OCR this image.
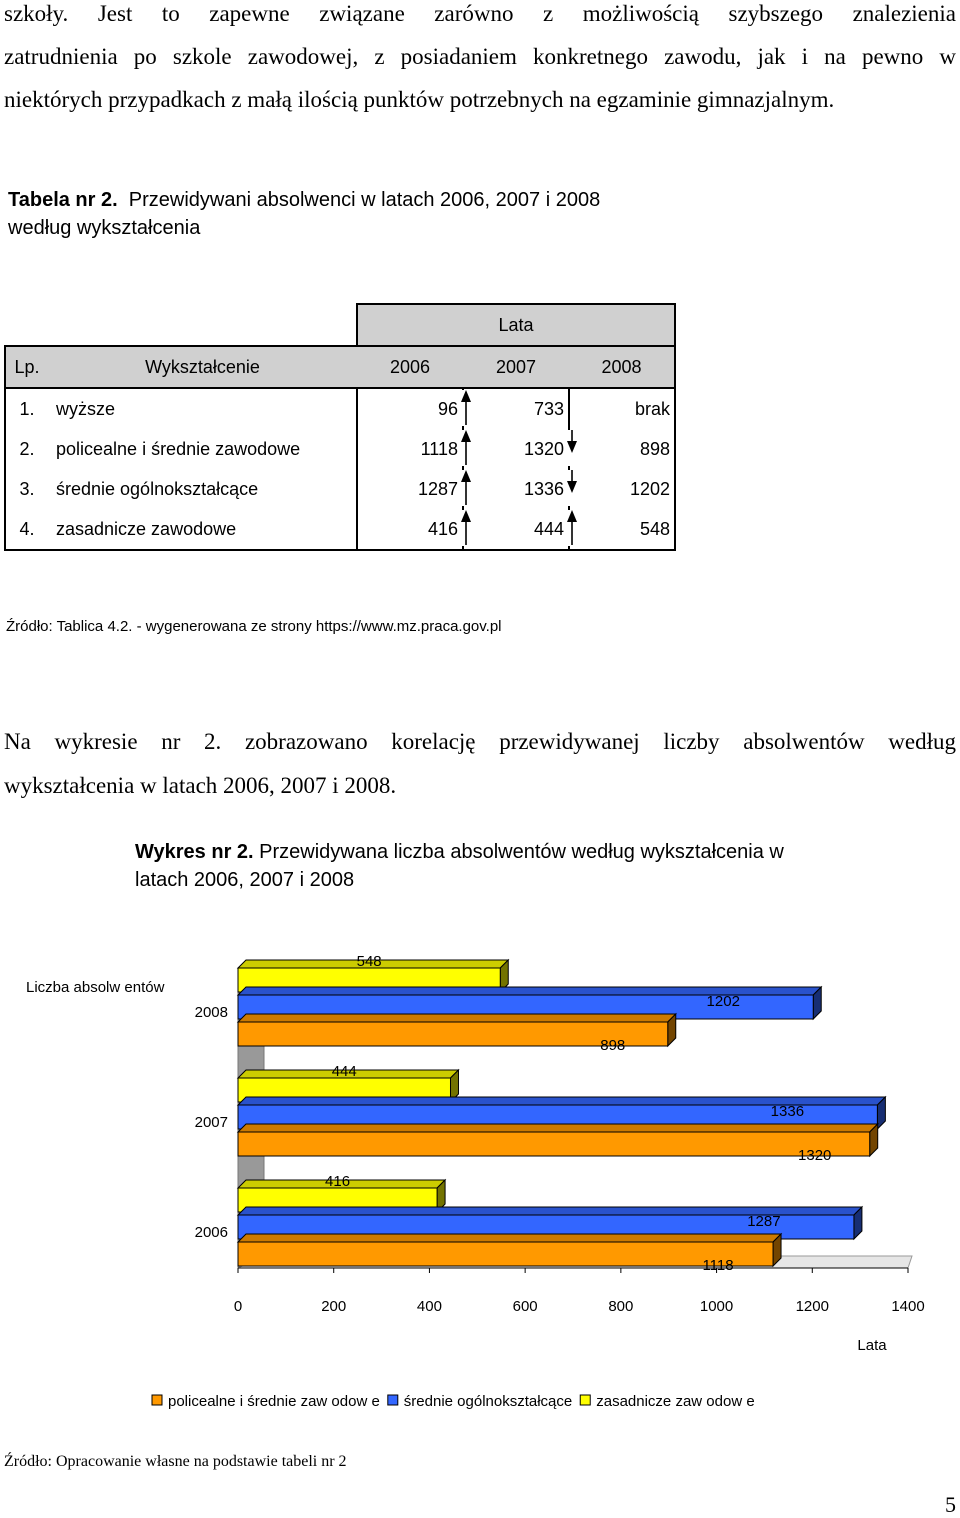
szkoły. Jest to zapewne związane zarówno z możliwością szybszego znalezienia
zatrudnienia po szkole zawodowej, z posiadaniem konkretnego zawodu, jak i na pewno w
niektórych przypadkach z małą ilością punktów potrzebnych na egzaminie gimnazjalnym.
Tabela nr 2. Przewidywani absolwenci w latach 2006, 2007 i 2008
według wykształcenia
		Lata		
Lp.	Wykształcenie	2006	2007	2008
1.	wyższe	96	733	brak
2.	policealne i średnie zawodowe	1118	1320	898

3.	średnie ogólnokształcące	1287	1336	1202

4.	zasadnicze zawodowe	416	444	548
Źródło: Tablica 4.2. - wygenerowana ze strony https://www.mz.praca.gov.pl
Na wykresie nr 2. zobrazowano korelację przewidywanej liczby absolwentów według
wykształcenia w latach 2006, 2007 i 2008.
Wykres nr 2. Przewidywana liczba absolwentów według wykształcenia w
latach 2006, 2007 i 2008
2008
548
1202
898
2007
444
1336
1320
2006
416
1287
1118
0	200	400	600	800	1000	1200	1400
Liczba absolw entów
Lata
policealne i średnie zaw odow e średnie ogólnokształcące zasadnicze zaw odow e
Źródło: Opracowanie własne na podstawie tabeli nr 2
5
